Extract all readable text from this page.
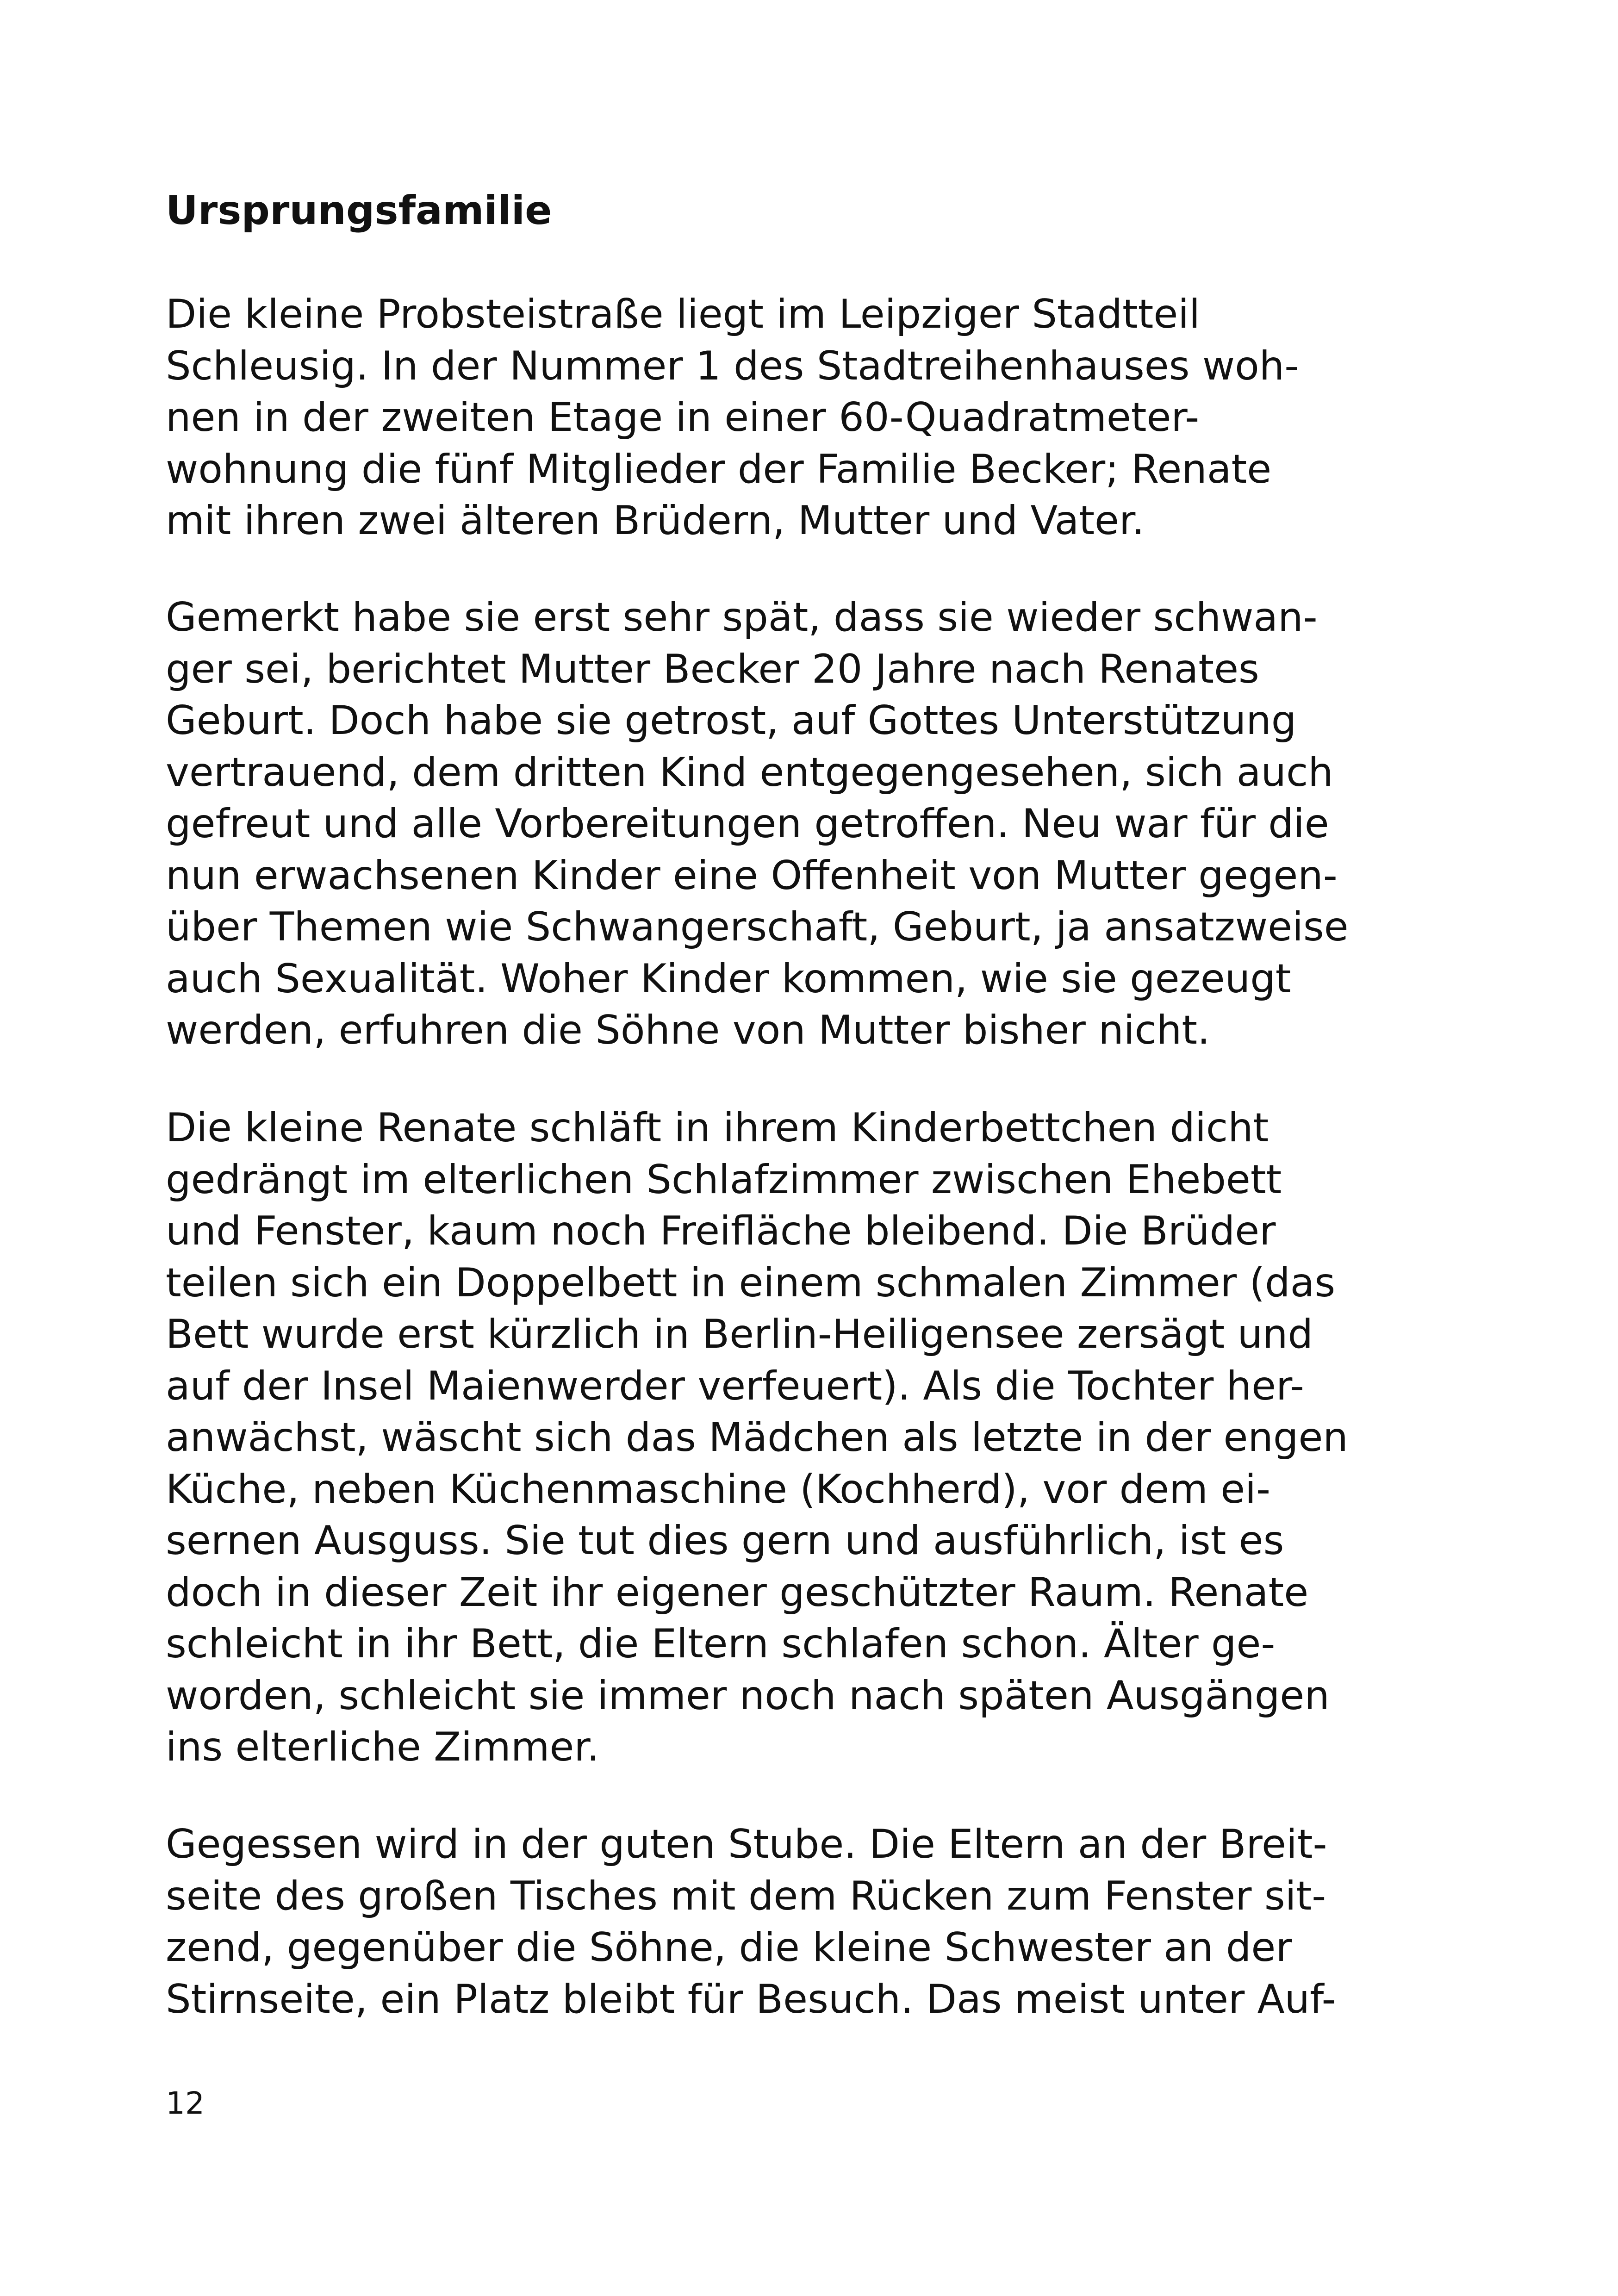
Ursprungsfamilie

Die kleine Probsteistraße liegt im Leipziger Stadtteil
Schleusig. In der Nummer 1 des Stadtreihenhauses woh-
nen in der zweiten Etage in einer 60-Quadratmeter-
wohnung die fünf Mitglieder der Familie Becker; Renate
mit ihren zwei älteren Brüdern, Mutter und Vater.

Gemerkt habe sie erst sehr spät, dass sie wieder schwan-
ger sei, berichtet Mutter Becker 20 Jahre nach Renates
Geburt. Doch habe sie getrost, auf Gottes Unterstützung
vertrauend, dem dritten Kind entgegengesehen, sich auch
gefreut und alle Vorbereitungen getroffen. Neu war für die
nun erwachsenen Kinder eine Offenheit von Mutter gegen-
über Themen wie Schwangerschaft, Geburt, ja ansatzweise
auch Sexualität. Woher Kinder kommen, wie sie gezeugt
werden, erfuhren die Söhne von Mutter bisher nicht.

Die kleine Renate schläft in ihrem Kinderbettchen dicht
gedrängt im elterlichen Schlafzimmer zwischen Ehebett
und Fenster, kaum noch Freifläche bleibend. Die Brüder
teilen sich ein Doppelbett in einem schmalen Zimmer (das
Bett wurde erst kürzlich in Berlin-Heiligensee zersägt und
auf der Insel Maienwerder verfeuert). Als die Tochter her-
anwächst, wäscht sich das Mädchen als letzte in der engen
Küche, neben Küchenmaschine (Kochherd), vor dem ei-
sernen Ausguss. Sie tut dies gern und ausführlich, ist es
doch in dieser Zeit ihr eigener geschützter Raum. Renate
schleicht in ihr Bett, die Eltern schlafen schon. Älter ge-
worden, schleicht sie immer noch nach späten Ausgängen
ins elterliche Zimmer.

Gegessen wird in der guten Stube. Die Eltern an der Breit-
seite des großen Tisches mit dem Rücken zum Fenster sit-
zend, gegenüber die Söhne, die kleine Schwester an der
Stirnseite, ein Platz bleibt für Besuch. Das meist unter Auf-

12
